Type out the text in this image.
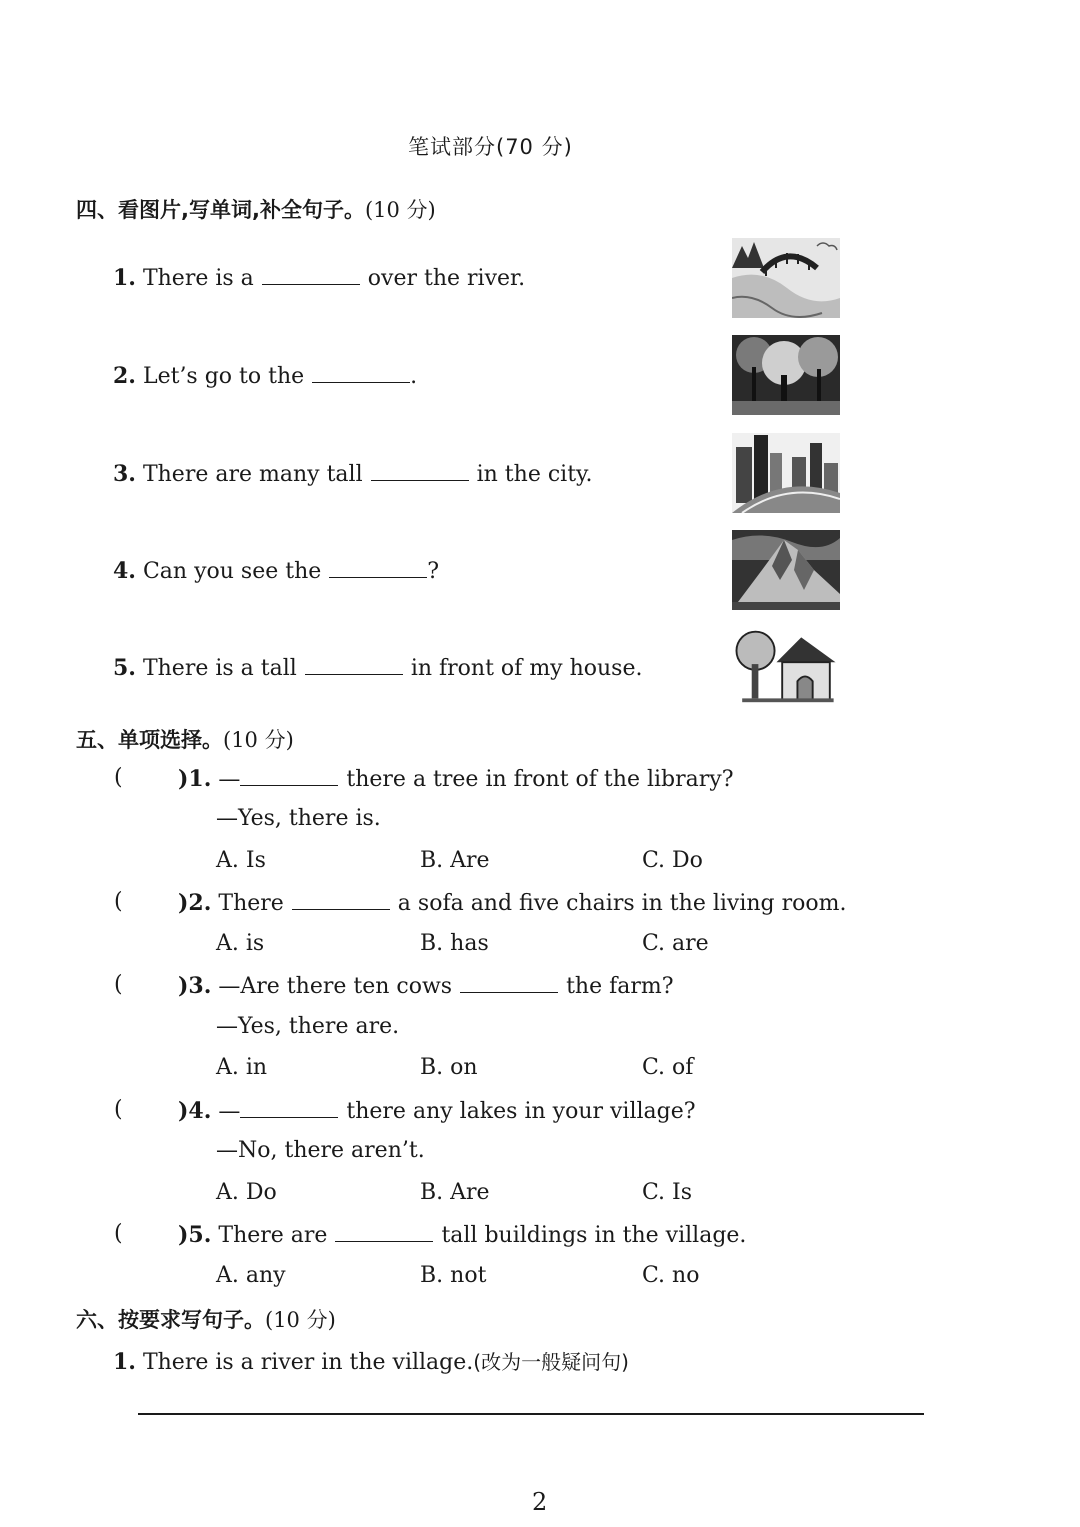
笔试部分(70 分)
四、看图片,写单词,补全句子。(10 分)
1. There is a	over the river.
2. Let’s go to the	.
3. There are many tall	in the city.
4. Can you see the	?
5. There is a tall	in front of my house.
五、单项选择。(10 分)
(	)1. —	there a tree in front of the library?
—Yes, there is.
A. Is	B. Are	C. Do
(	)2. There	a sofa and five chairs in the living room.
A. is	B. has	C. are
(	)3. —Are there ten cows	the farm?
—Yes, there are.
A. in	B. on	C. of
(	)4. —	there any lakes in your village?
—No, there aren’t.
A. Do	B. Are	C. Is
(	)5. There are	tall buildings in the village.
A. any	B. not	C. no
六、按要求写句子。(10 分)
1. There is a river in the village.(改为一般疑问句)
2
